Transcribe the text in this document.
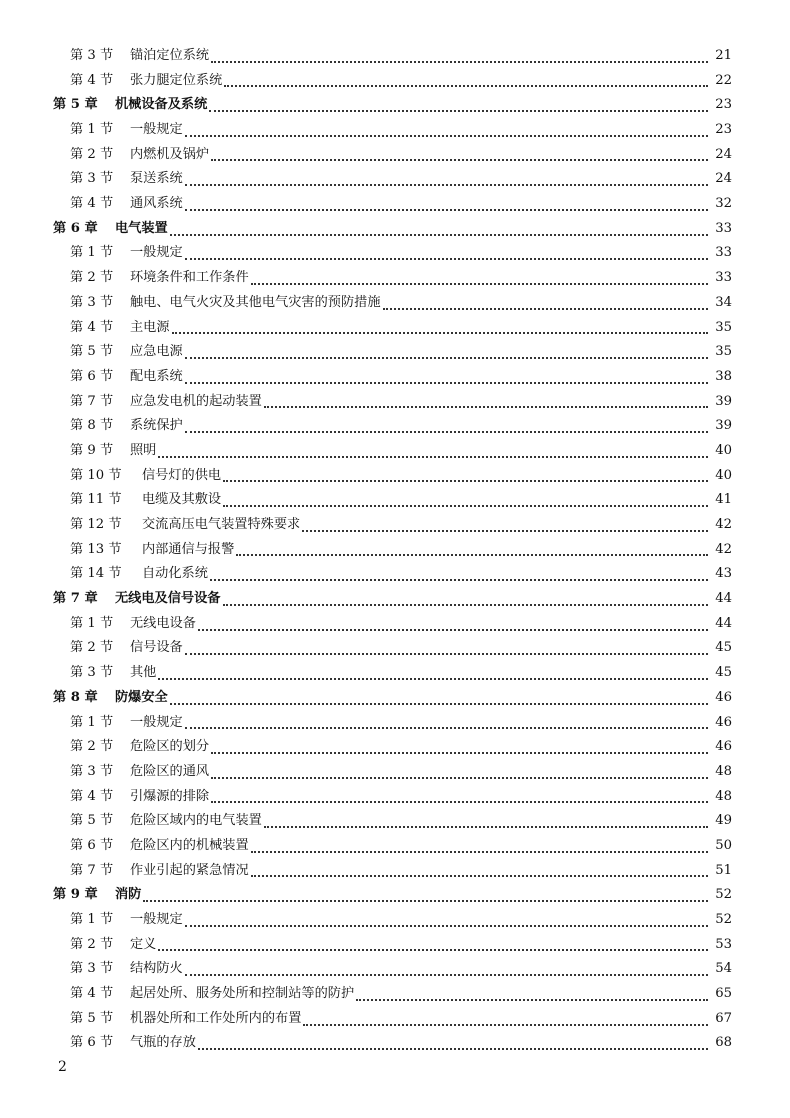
第 3 节 锚泊定位系统	21
第 4 节 张力腿定位系统	22
第 5 章 机械设备及系统	23
第 1 节 一般规定	23
第 2 节 内燃机及锅炉	24
第 3 节 泵送系统	24
第 4 节 通风系统	32
第 6 章 电气装置	33
第 1 节 一般规定	33
第 2 节 环境条件和工作条件	33
第 3 节 触电、电气火灾及其他电气灾害的预防措施	34
第 4 节 主电源	35
第 5 节 应急电源	35
第 6 节 配电系统	38
第 7 节 应急发电机的起动装置	39
第 8 节 系统保护	39
第 9 节 照明	40
第 10 节 信号灯的供电	40
第 11 节 电缆及其敷设	41
第 12 节 交流高压电气装置特殊要求	42
第 13 节 内部通信与报警	42
第 14 节 自动化系统	43
第 7 章 无线电及信号设备	44
第 1 节 无线电设备	44
第 2 节 信号设备	45
第 3 节 其他	45
第 8 章 防爆安全	46
第 1 节 一般规定	46
第 2 节 危险区的划分	46
第 3 节 危险区的通风	48
第 4 节 引爆源的排除	48
第 5 节 危险区域内的电气装置	49
第 6 节 危险区内的机械装置	50
第 7 节 作业引起的紧急情况	51
第 9 章 消防	52
第 1 节 一般规定	52
第 2 节 定义	53
第 3 节 结构防火	54
第 4 节 起居处所、服务处所和控制站等的防护	65
第 5 节 机器处所和工作处所内的布置	67
第 6 节 气瓶的存放	68
2
